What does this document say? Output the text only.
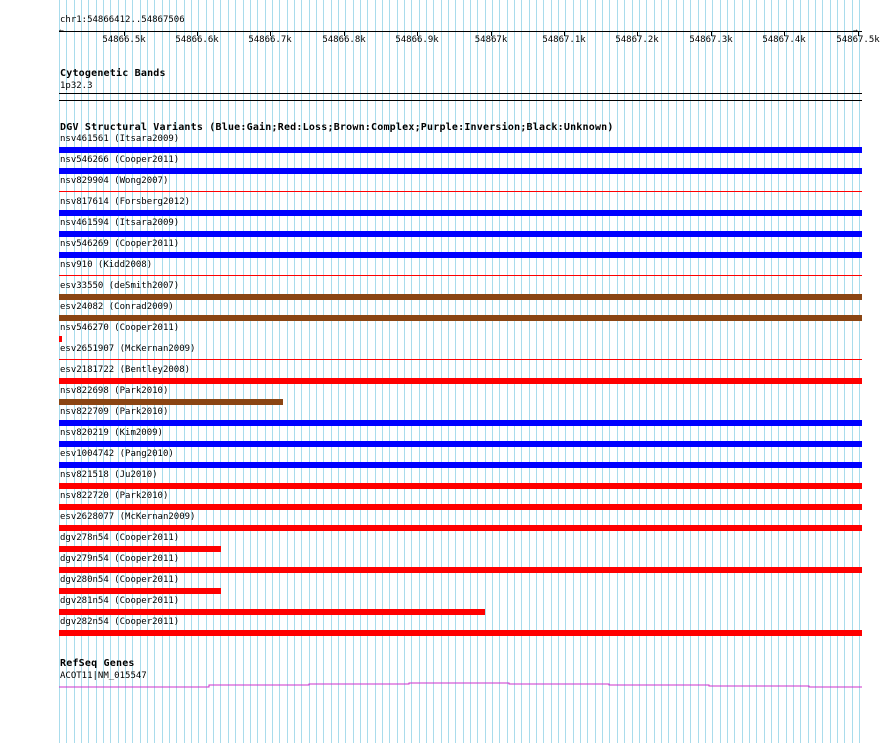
chr1:54866412..54867506
←	→
54866.5k	54866.6k	54866.7k	54866.8k	54866.9k	54867k	54867.1k	54867.2k	54867.3k	54867.4k	54867.5k
Cytogenetic Bands
1p32.3
DGV Structural Variants (Blue:Gain;Red:Loss;Brown:Complex;Purple:Inversion;Black:Unknown)
nsv461561 (Itsara2009)
nsv546266 (Cooper2011)
nsv829904 (Wong2007)
nsv817614 (Forsberg2012)
nsv461594 (Itsara2009)
nsv546269 (Cooper2011)
nsv910 (Kidd2008)
esv33550 (deSmith2007)
esv24082 (Conrad2009)
nsv546270 (Cooper2011)
esv2651907 (McKernan2009)
esv2181722 (Bentley2008)
nsv822698 (Park2010)
nsv822709 (Park2010)
nsv820219 (Kim2009)
esv1004742 (Pang2010)
nsv821518 (Ju2010)
nsv822720 (Park2010)
esv2628077 (McKernan2009)
dgv278n54 (Cooper2011)
dgv279n54 (Cooper2011)
dgv280n54 (Cooper2011)
dgv281n54 (Cooper2011)
dgv282n54 (Cooper2011)
RefSeq Genes
ACOT11|NM_015547
